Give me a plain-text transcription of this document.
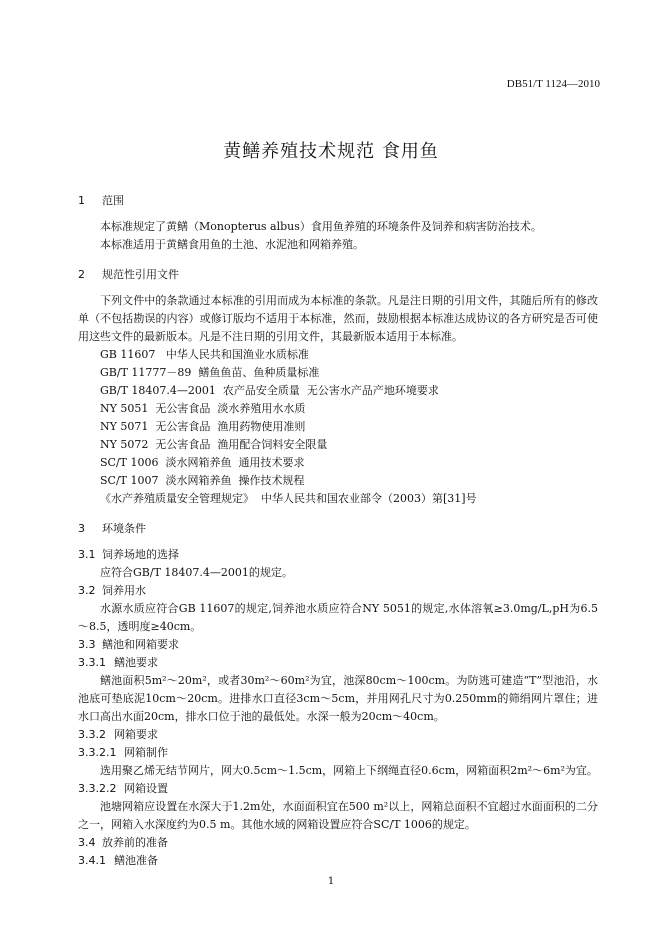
DB51/T 1124—2010
黄鳝养殖技术规范 食用鱼

1 范围

本标准规定了黄鳝（Monopterus albus）食用鱼养殖的环境条件及饲养和病害防治技术。

本标准适用于黄鳝食用鱼的土池、水泥池和网箱养殖。

2 规范性引用文件

下列文件中的条款通过本标准的引用而成为本标准的条款。凡是注日期的引用文件，其随后所有的修改单（不包括勘误的内容）或修订版均不适用于本标准，然而，鼓励根据本标准达成协议的各方研究是否可使用这些文件的最新版本。凡是不注日期的引用文件，其最新版本适用于本标准。

GB 11607   中华人民共和国渔业水质标准

GB/T 11777－89  鳝鱼鱼苗、鱼种质量标准

GB/T 18407.4—2001  农产品安全质量  无公害水产品产地环境要求

NY 5051  无公害食品  淡水养殖用水水质

NY 5071  无公害食品  渔用药物使用准则

NY 5072  无公害食品  渔用配合饲料安全限量

SC/T 1006  淡水网箱养鱼  通用技术要求

SC/T 1007  淡水网箱养鱼  操作技术规程

《水产养殖质量安全管理规定》  中华人民共和国农业部令（2003）第[31]号

3 环境条件

3.1 饲养场地的选择

应符合GB/T 18407.4—2001的规定。

3.2 饲养用水

水源水质应符合GB 11607的规定,饲养池水质应符合NY 5051的规定,水体溶氧≥3.0mg/L,pH为6.5～8.5，透明度≥40cm。

3.3 鳝池和网箱要求

3.3.1 鳝池要求

鳝池面积5m²～20m²，或者30m²～60m²为宜，池深80cm～100cm。为防逃可建造“T”型池沿，水池底可垫底泥10cm～20cm。进排水口直径3cm～5cm，并用网孔尺寸为0.250mm的筛绢网片罩住；进水口高出水面20cm，排水口位于池的最低处。水深一般为20cm～40cm。

3.3.2 网箱要求

3.3.2.1 网箱制作

选用聚乙烯无结节网片，网大0.5cm～1.5cm，网箱上下纲绳直径0.6cm，网箱面积2m²～6m²为宜。

3.3.2.2 网箱设置

池塘网箱应设置在水深大于1.2m处，水面面积宜在500 m²以上，网箱总面积不宜超过水面面积的二分之一，网箱入水深度约为0.5 m。其他水域的网箱设置应符合SC/T 1006的规定。

3.4 放养前的准备

3.4.1 鳝池准备

1
